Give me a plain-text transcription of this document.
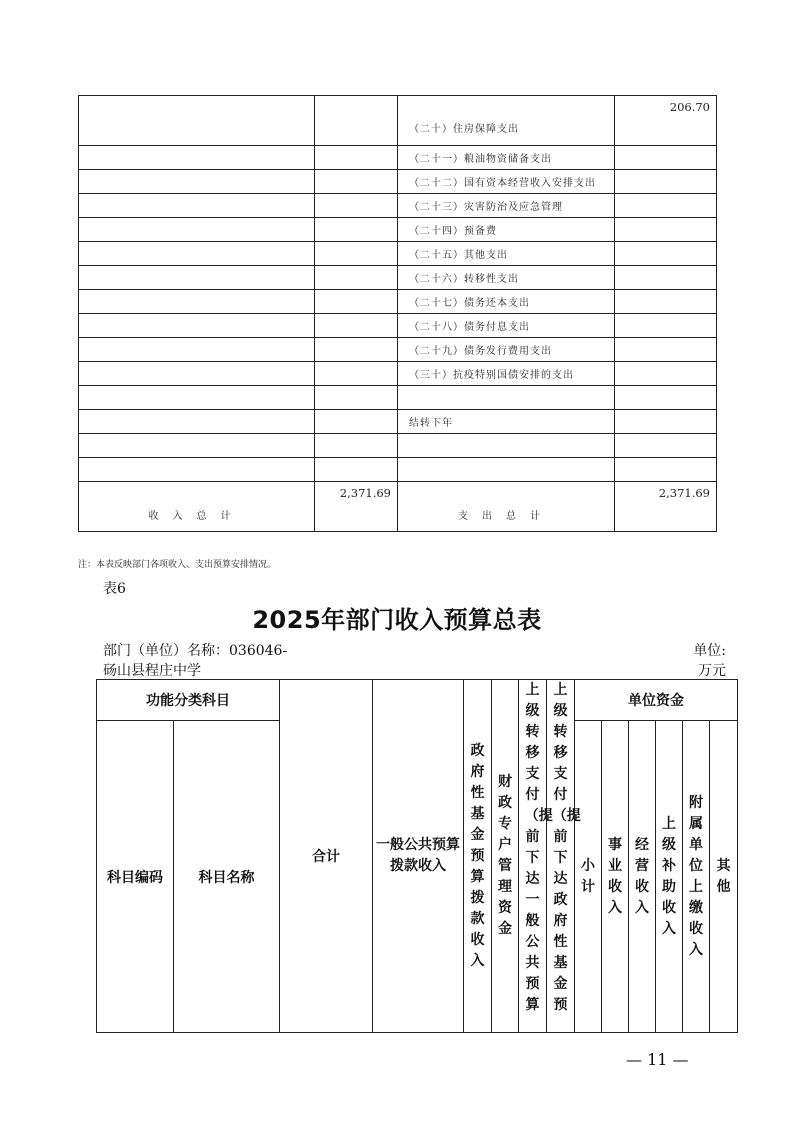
		（二十）住房保障支出	206.70
		（二十一）粮油物资储备支出	
		（二十二）国有资本经营收入安排支出	
		（二十三）灾害防治及应急管理	
		（二十四）预备费	
		（二十五）其他支出	
		（二十六）转移性支出	
		（二十七）债务还本支出	
		（二十八）债务付息支出	
		（二十九）债务发行费用支出	
		（三十）抗疫特别国债安排的支出	

		结转下年	

收入总计	2,371.69	支出总计	2,371.69
注：本表反映部门各项收入、支出预算安排情况。
表6
2025年部门收入预算总表
部门（单位）名称：036046-
砀山县程庄中学
单位:
万元
功能分类科目		合计	一般公共预算拨款收入	政府性基金预算拨款收入	财政专户管理资金	上级转移支付（提前下达一般公共预算	上级转移支付（提前下达政府性基金预	单位资金					
科目编码	科目名称							小计	事业收入	经营收入	上级补助收入	附属单位上缴收入	其他
— 11 —
